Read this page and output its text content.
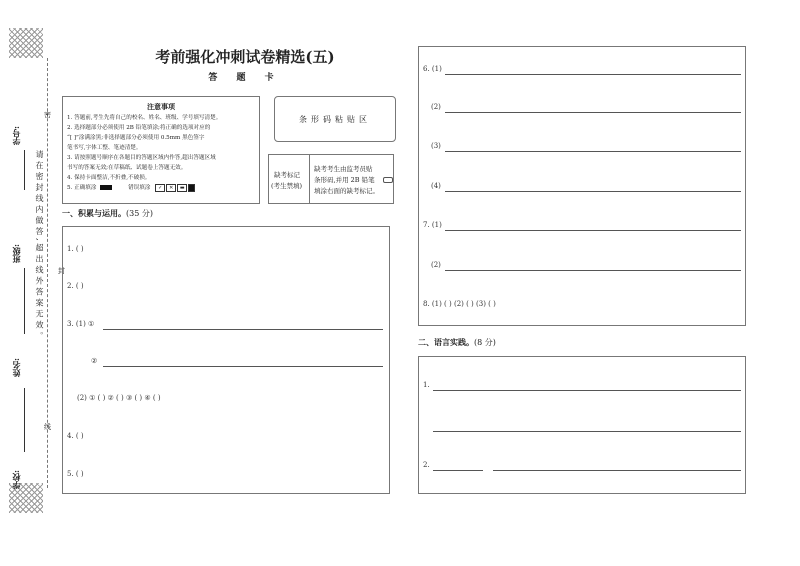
学号:
班级:
姓名:
学校:
密
封
线
请在密封线内做答,超出线外答案无效。
考前强化冲刺试卷精选(五)
答 题 卡
注意事项
1. 答题前,考生先将自己的校名、姓名、班级、学号填写清楚。
2. 选择题部分必须使用 2B 铅笔填涂;将正确的选项对应的
“[ ]”涂满涂黑;非选择题部分必须使用 0.5mm 黑色签字
笔书写,字体工整、笔迹清楚。
3. 请按照题号顺序在各题目的答题区域内作答,超出答题区域
书写的答案无效;在草稿纸、试题卷上答题无效。
4. 保持卡面整洁,不折叠,不破损。
5. 正确填涂	错误填涂	✓	✕	▬
条形码粘贴区
缺考标记
(考生禁填)
缺考考生由监考员贴
条形码,并用 2B 铅笔
填涂右面的缺考标记。
一、积累与运用。(35 分)
1. ( )
2. ( )
3. (1) ①
②
(2) ① ( ) ② ( ) ③ ( ) ④ ( )
4. ( )
5. ( )
6. (1)
(2)
(3)
(4)
7. (1)
(2)
8. (1) ( ) (2) ( ) (3) ( )
二、语言实践。(8 分)
1.
2.
